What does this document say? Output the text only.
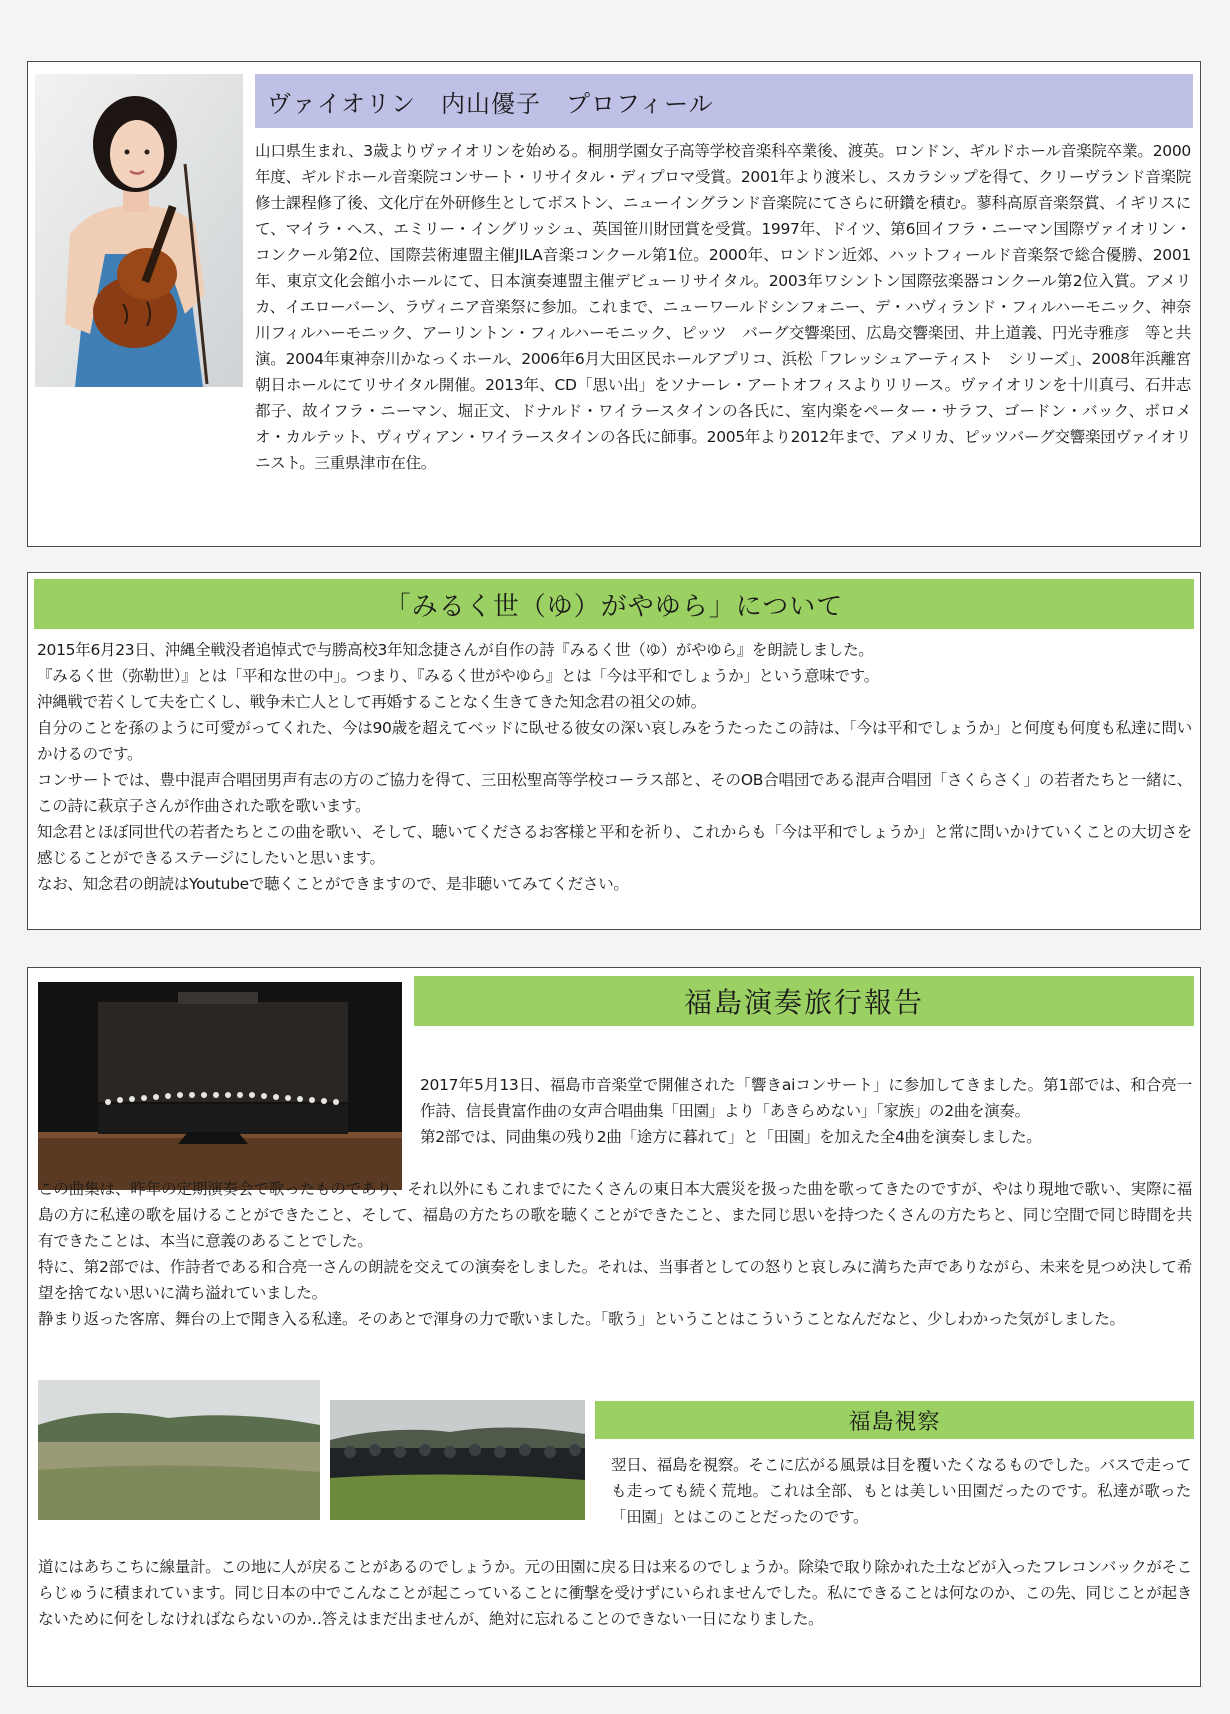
ヴァイオリン　内山優子　プロフィール
山口県生まれ、3歳よりヴァイオリンを始める。桐朋学園女子高等学校音楽科卒業後、渡英。ロンドン、ギルドホール音楽院卒業。2000年度、ギルドホール音楽院コンサート・リサイタル・ディプロマ受賞。2001年より渡米し、スカラシップを得て、クリーヴランド音楽院修士課程修了後、文化庁在外研修生としてボストン、ニューイングランド音楽院にてさらに研鑽を積む。蓼科高原音楽祭賞、イギリスにて、マイラ・ヘス、エミリー・イングリッシュ、英国笹川財団賞を受賞。1997年、ドイツ、第6回イフラ・ニーマン国際ヴァイオリン・コンクール第2位、国際芸術連盟主催JILA音楽コンクール第1位。2000年、ロンドン近郊、ハットフィールド音楽祭で総合優勝、2001年、東京文化会館小ホールにて、日本演奏連盟主催デビューリサイタル。2003年ワシントン国際弦楽器コンクール第2位入賞。アメリカ、イエローバーン、ラヴィニア音楽祭に参加。これまで、ニューワールドシンフォニー、デ・ハヴィランド・フィルハーモニック、神奈川フィルハーモニック、アーリントン・フィルハーモニック、ピッツ　バーグ交響楽団、広島交響楽団、井上道義、円光寺雅彦　等と共演。2004年東神奈川かなっくホール、2006年6月大田区民ホールアプリコ、浜松「フレッシュアーティスト　シリーズ」、2008年浜離宮朝日ホールにてリサイタル開催。2013年、CD「思い出」をソナーレ・アートオフィスよりリリース。ヴァイオリンを十川真弓、石井志都子、故イフラ・ニーマン、堀正文、ドナルド・ワイラースタインの各氏に、室内楽をペーター・サラフ、ゴードン・バック、ボロメオ・カルテット、ヴィヴィアン・ワイラースタインの各氏に師事。2005年より2012年まで、アメリカ、ピッツバーグ交響楽団ヴァイオリニスト。三重県津市在住。
「みるく世（ゆ）がやゆら」について

2015年6月23日、沖縄全戦没者追悼式で与勝高校3年知念捷さんが自作の詩『みるく世（ゆ）がやゆら』を朗読しました。

『みるく世（弥勒世）』とは「平和な世の中」。つまり、『みるく世がやゆら』とは「今は平和でしょうか」という意味です。

沖縄戦で若くして夫を亡くし、戦争未亡人として再婚することなく生きてきた知念君の祖父の姉。

自分のことを孫のように可愛がってくれた、今は90歳を超えてベッドに臥せる彼女の深い哀しみをうたったこの詩は、「今は平和でしょうか」と何度も何度も私達に問いかけるのです。

コンサートでは、豊中混声合唱団男声有志の方のご協力を得て、三田松聖高等学校コーラス部と、そのOB合唱団である混声合唱団「さくらさく」の若者たちと一緒に、この詩に萩京子さんが作曲された歌を歌います。

知念君とほぼ同世代の若者たちとこの曲を歌い、そして、聴いてくださるお客様と平和を祈り、これからも「今は平和でしょうか」と常に問いかけていくことの大切さを感じることができるステージにしたいと思います。

なお、知念君の朗読はYoutubeで聴くことができますので、是非聴いてみてください。

福島演奏旅行報告

2017年5月13日、福島市音楽堂で開催された「響きaiコンサート」に参加してきました。第1部では、和合亮一作詩、信長貴富作曲の女声合唱曲集「田園」より「あきらめない」「家族」の2曲を演奏。

第2部では、同曲集の残り2曲「途方に暮れて」と「田園」を加えた全4曲を演奏しました。

この曲集は、昨年の定期演奏会で歌ったものであり、それ以外にもこれまでにたくさんの東日本大震災を扱った曲を歌ってきたのですが、やはり現地で歌い、実際に福島の方に私達の歌を届けることができたこと、そして、福島の方たちの歌を聴くことができたこと、また同じ思いを持つたくさんの方たちと、同じ空間で同じ時間を共有できたことは、本当に意義のあることでした。

特に、第2部では、作詩者である和合亮一さんの朗読を交えての演奏をしました。それは、当事者としての怒りと哀しみに満ちた声でありながら、未来を見つめ決して希望を捨てない思いに満ち溢れていました。

静まり返った客席、舞台の上で聞き入る私達。そのあとで渾身の力で歌いました。「歌う」ということはこういうことなんだなと、少しわかった気がしました。

福島視察
翌日、福島を視察。そこに広がる風景は目を覆いたくなるものでした。バスで走っても走っても続く荒地。これは全部、もとは美しい田園だったのです。私達が歌った「田園」とはこのことだったのです。
道にはあちこちに線量計。この地に人が戻ることがあるのでしょうか。元の田園に戻る日は来るのでしょうか。除染で取り除かれた土などが入ったフレコンバックがそこらじゅうに積まれています。同じ日本の中でこんなことが起こっていることに衝撃を受けずにいられませんでした。私にできることは何なのか、この先、同じことが起きないために何をしなければならないのか‥答えはまだ出ませんが、絶対に忘れることのできない一日になりました。
